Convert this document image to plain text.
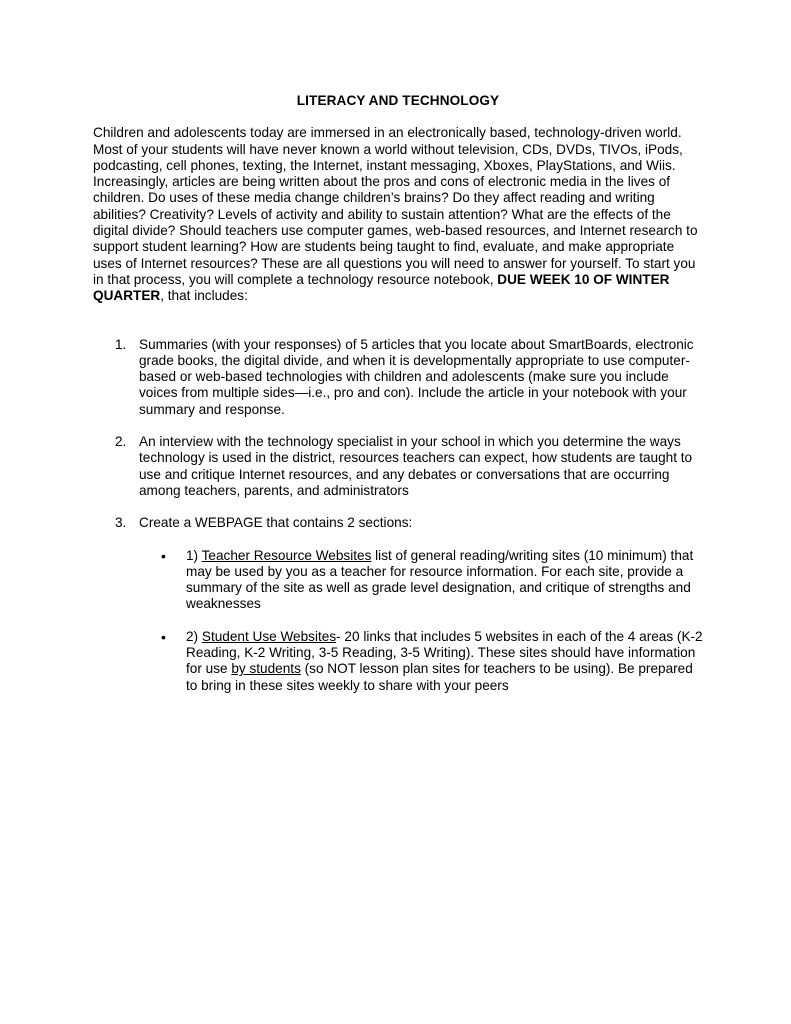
LITERACY AND TECHNOLOGY

Children and adolescents today are immersed in an electronically based, technology-driven world. Most of your students will have never known a world without television, CDs, DVDs, TIVOs, iPods, podcasting, cell phones, texting, the Internet, instant messaging, Xboxes, PlayStations, and Wiis. Increasingly, articles are being written about the pros and cons of electronic media in the lives of children. Do uses of these media change children’s brains? Do they affect reading and writing abilities? Creativity? Levels of activity and ability to sustain attention? What are the effects of the digital divide? Should teachers use computer games, web-based resources, and Internet research to support student learning? How are students being taught to find, evaluate, and make appropriate uses of Internet resources? These are all questions you will need to answer for yourself. To start you in that process, you will complete a technology resource notebook, DUE WEEK 10 OF WINTER QUARTER, that includes:

1. Summaries (with your responses) of 5 articles that you locate about SmartBoards, electronic grade books, the digital divide, and when it is developmentally appropriate to use computer-based or web-based technologies with children and adolescents (make sure you include voices from multiple sides—i.e., pro and con). Include the article in your notebook with your summary and response.
2. An interview with the technology specialist in your school in which you determine the ways technology is used in the district, resources teachers can expect, how students are taught to use and critique Internet resources, and any debates or conversations that are occurring among teachers, parents, and administrators
3. Create a WEBPAGE that contains 2 sections:
• 1) Teacher Resource Websites list of general reading/writing sites (10 minimum) that may be used by you as a teacher for resource information. For each site, provide a summary of the site as well as grade level designation, and critique of strengths and weaknesses
• 2) Student Use Websites- 20 links that includes 5 websites in each of the 4 areas (K-2 Reading, K-2 Writing, 3-5 Reading, 3-5 Writing). These sites should have information for use by students (so NOT lesson plan sites for teachers to be using). Be prepared to bring in these sites weekly to share with your peers
